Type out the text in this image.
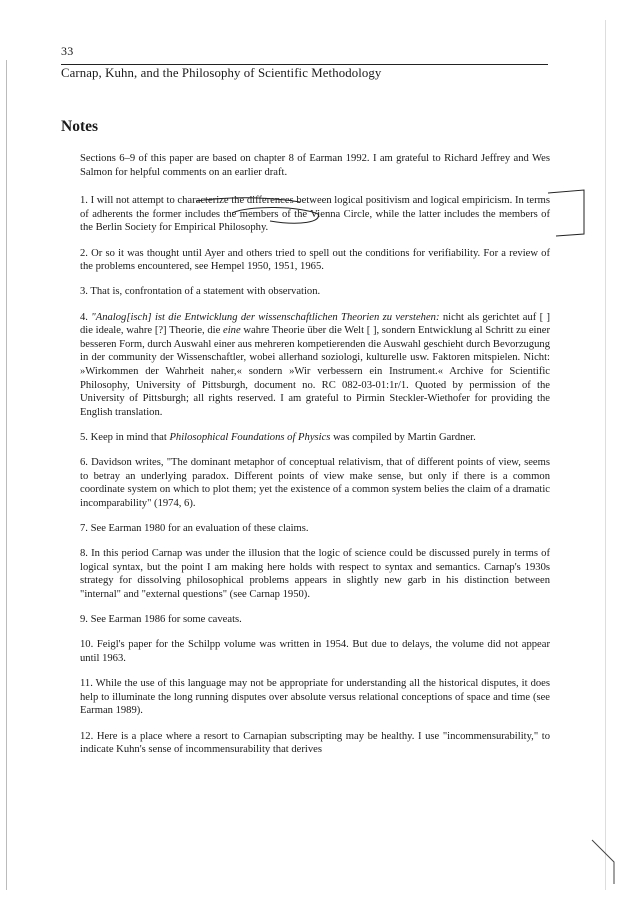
33
Carnap, Kuhn, and the Philosophy of Scientific Methodology
Notes

Sections 6–9 of this paper are based on chapter 8 of Earman 1992. I am grateful to Richard Jeffrey and Wes Salmon for helpful comments on an earlier draft.

1. I will not attempt to characterize the differences between logical positivism and logical empiricism. In terms of adherents the former includes the members of the Vienna Circle, while the latter includes the members of the Berlin Society for Empirical Philosophy.

2. Or so it was thought until Ayer and others tried to spell out the conditions for verifiability. For a review of the problems encountered, see Hempel 1950, 1951, 1965.

3. That is, confrontation of a statement with observation.

4. "Analog[isch] ist die Entwicklung der wissenschaftlichen Theorien zu verstehen: nicht als gerichtet auf [ ] die ideale, wahre [?] Theorie, die eine wahre Theorie über die Welt [ ], sondern Entwicklung al Schritt zu einer besseren Form, durch Auswahl einer aus mehreren kompetierenden die Auswahl geschieht durch Bevorzugung in der community der Wissenschaftler, wobei allerhand soziologi, kulturelle usw. Faktoren mitspielen. Nicht: »Wirkommen der Wahrheit naher,« sondern »Wir verbessern ein Instrument.« Archive for Scientific Philosophy, University of Pittsburgh, document no. RC 082-03-01:1r/1. Quoted by permission of the University of Pittsburgh; all rights reserved. I am grateful to Pirmin Steckler-Wiethofer for providing the English translation.

5. Keep in mind that Philosophical Foundations of Physics was compiled by Martin Gardner.

6. Davidson writes, "The dominant metaphor of conceptual relativism, that of different points of view, seems to betray an underlying paradox. Different points of view make sense, but only if there is a common coordinate system on which to plot them; yet the existence of a common system belies the claim of a dramatic incomparability" (1974, 6).

7. See Earman 1980 for an evaluation of these claims.

8. In this period Carnap was under the illusion that the logic of science could be discussed purely in terms of logical syntax, but the point I am making here holds with respect to syntax and semantics. Carnap's 1930s strategy for dissolving philosophical problems appears in slightly new garb in his distinction between "internal" and "external questions" (see Carnap 1950).

9. See Earman 1986 for some caveats.

10. Feigl's paper for the Schilpp volume was written in 1954. But due to delays, the volume did not appear until 1963.

11. While the use of this language may not be appropriate for understanding all the historical disputes, it does help to illuminate the long running disputes over absolute versus relational conceptions of space and time (see Earman 1989).

12. Here is a place where a resort to Carnapian subscripting may be healthy. I use "incommensurability," to indicate Kuhn's sense of incommensurability that derives
